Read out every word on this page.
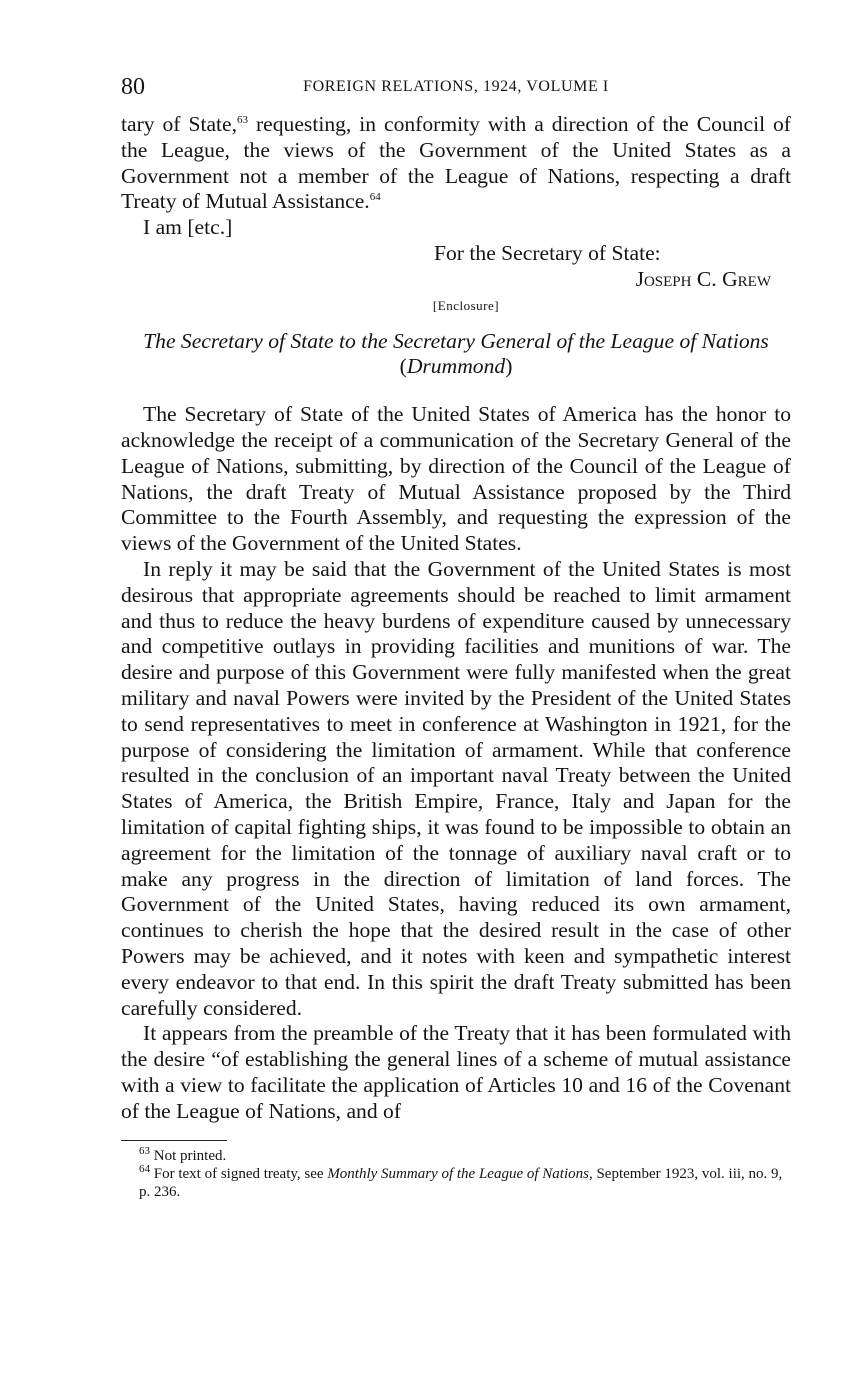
80	FOREIGN RELATIONS, 1924, VOLUME I

tary of State,$^{63}$ requesting, in conformity with a direction of the Council of the League, the views of the Government of the United States as a Government not a member of the League of Nations, respecting a draft Treaty of Mutual Assistance.$^{64}$

I am [etc.]

For the Secretary of State:

Joseph C. Grew

[Enclosure]

The Secretary of State to the Secretary General of the League of Nations (Drummond)

The Secretary of State of the United States of America has the honor to acknowledge the receipt of a communication of the Secretary General of the League of Nations, submitting, by direction of the Council of the League of Nations, the draft Treaty of Mutual Assistance proposed by the Third Committee to the Fourth Assembly, and requesting the expression of the views of the Government of the United States.

In reply it may be said that the Government of the United States is most desirous that appropriate agreements should be reached to limit armament and thus to reduce the heavy burdens of expenditure caused by unnecessary and competitive outlays in providing facilities and munitions of war. The desire and purpose of this Government were fully manifested when the great military and naval Powers were invited by the President of the United States to send representatives to meet in conference at Washington in 1921, for the purpose of considering the limitation of armament. While that conference resulted in the conclusion of an important naval Treaty between the United States of America, the British Empire, France, Italy and Japan for the limitation of capital fighting ships, it was found to be impossible to obtain an agreement for the limitation of the tonnage of auxiliary naval craft or to make any progress in the direction of limitation of land forces. The Government of the United States, having reduced its own armament, continues to cherish the hope that the desired result in the case of other Powers may be achieved, and it notes with keen and sympathetic interest every endeavor to that end. In this spirit the draft Treaty submitted has been carefully considered.

It appears from the preamble of the Treaty that it has been formulated with the desire “of establishing the general lines of a scheme of mutual assistance with a view to facilitate the application of Articles 10 and 16 of the Covenant of the League of Nations, and of

$^{63}$ Not printed.

$^{64}$ For text of signed treaty, see Monthly Summary of the League of Nations, September 1923, vol. iii, no. 9, p. 236.
